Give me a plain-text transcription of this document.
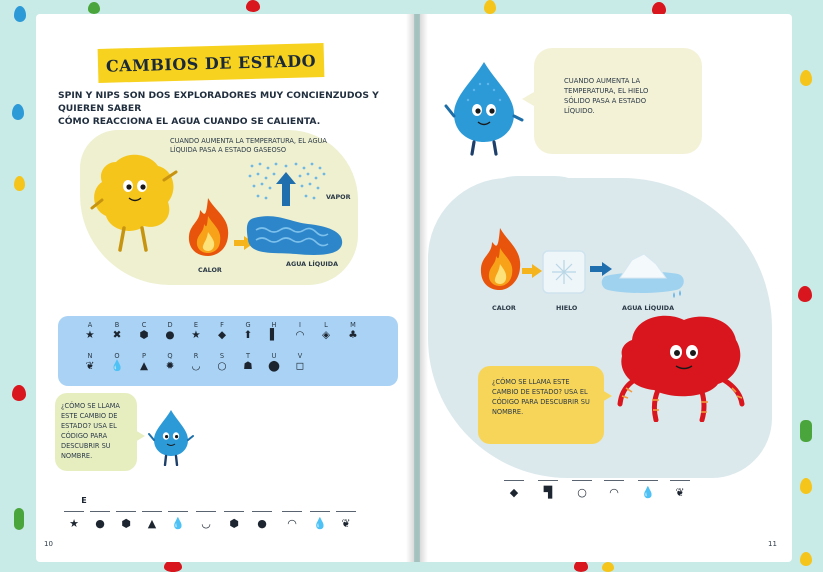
CAMBIOS DE ESTADO
SPIN Y NIPS SON DOS EXPLORADORES MUY CONCIENZUDOS Y QUIEREN SABER
CÓMO REACCIONA EL AGUA CUANDO SE CALIENTA.
CUANDO AUMENTA LA TEMPERATURA, EL AGUA LÍQUIDA PASA A ESTADO GASEOSO
CALOR
AGUA LÍQUIDA
VAPOR
A
★
B
✖
C
⬢
D
●
E
★
F
◆
G
⬆
H
▌
I
◠
L
◈
M
♣
N
❦
O
💧
P
▲
Q
✹
R
◡
S
○
T
☗
U
⬤
V
◻
¿CÓMO SE LLAMA ESTE CAMBIO DE ESTADO? USA EL CÓDIGO PARA DESCUBRIR SU NOMBRE.
E
★	●	⬢	▲	💧	◡	⬢	●	◠	💧	❦
10
CUANDO AUMENTA LA TEMPERATURA, EL HIELO SÓLIDO PASA A ESTADO LÍQUIDO.
CALOR	HIELO	AGUA LÍQUIDA
¿CÓMO SE LLAMA ESTE CAMBIO DE ESTADO? USA EL CÓDIGO PARA DESCUBRIR SU NOMBRE.
◆	▜	○	◠	💧	❦
11
